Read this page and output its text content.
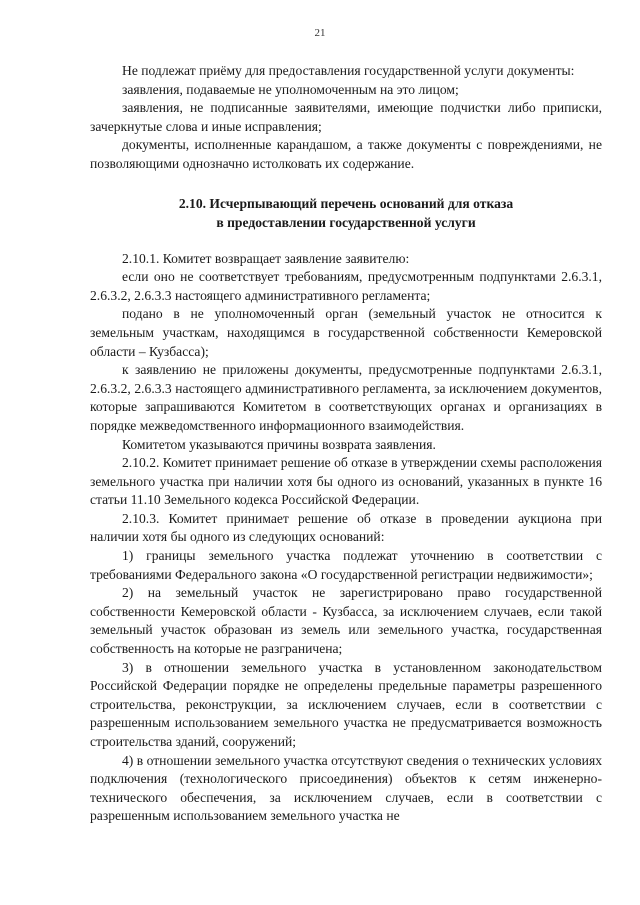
21

Не подлежат приёму для предоставления государственной услуги документы:

заявления, подаваемые не уполномоченным на это лицом;

заявления, не подписанные заявителями, имеющие подчистки либо приписки, зачеркнутые слова и иные исправления;

документы, исполненные карандашом, а также документы с повреждениями, не позволяющими однозначно истолковать их содержание.

2.10. Исчерпывающий перечень оснований для отказа
в предоставлении государственной услуги

2.10.1. Комитет возвращает заявление заявителю:

если оно не соответствует требованиям, предусмотренным подпунктами 2.6.3.1, 2.6.3.2, 2.6.3.3 настоящего административного регламента;

подано в не уполномоченный орган (земельный участок не относится к земельным участкам, находящимся в государственной собственности Кемеровской области – Кузбасса);

к заявлению не приложены документы, предусмотренные подпунктами 2.6.3.1, 2.6.3.2, 2.6.3.3 настоящего административного регламента, за исключением документов, которые запрашиваются Комитетом в соответствующих органах и организациях в порядке межведомственного информационного взаимодействия.

Комитетом указываются причины возврата заявления.

2.10.2. Комитет принимает решение об отказе в утверждении схемы расположения земельного участка при наличии хотя бы одного из оснований, указанных в пункте 16 статьи 11.10 Земельного кодекса Российской Федерации.

2.10.3. Комитет принимает решение об отказе в проведении аукциона при наличии хотя бы одного из следующих оснований:

1) границы земельного участка подлежат уточнению в соответствии с требованиями Федерального закона «О государственной регистрации недвижимости»;

2) на земельный участок не зарегистрировано право государственной собственности Кемеровской области - Кузбасса, за исключением случаев, если такой земельный участок образован из земель или земельного участка, государственная собственность на которые не разграничена;

3) в отношении земельного участка в установленном законодательством Российской Федерации порядке не определены предельные параметры разрешенного строительства, реконструкции, за исключением случаев, если в соответствии с разрешенным использованием земельного участка не предусматривается возможность строительства зданий, сооружений;

4) в отношении земельного участка отсутствуют сведения о технических условиях подключения (технологического присоединения) объектов к сетям инженерно-технического обеспечения, за исключением случаев, если в соответствии с разрешенным использованием земельного участка не
